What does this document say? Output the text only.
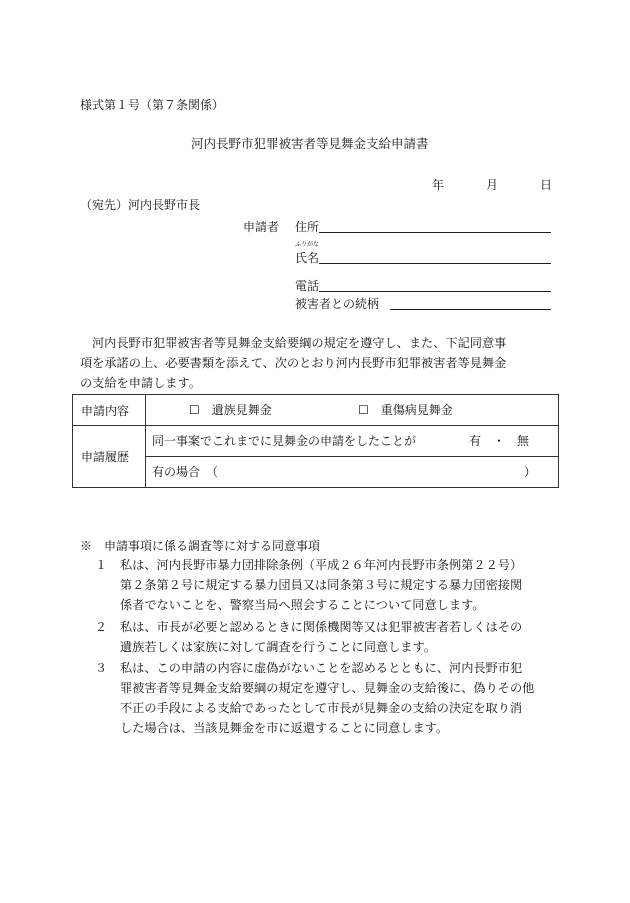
様式第１号（第７条関係）
河内長野市犯罪被害者等見舞金支給申請書
年	月	日
（宛先）河内長野市長
申請者 住所
ふりがな
氏名
電話
被害者との続柄

河内長野市犯罪被害者等見舞金支給要綱の規定を遵守し、また、下記同意事

項を承諾の上、必要書類を添えて、次のとおり河内長野市犯罪被害者等見舞金

の支給を申請します。

申請内容	☐　遺族見舞金 ☐　重傷病見舞金

申請履歴	同一事案でこれまでに見舞金の申請をしたことが 有　・　無

	有の場合　（ ）
※　申請事項に係る調査等に対する同意事項
１ 私は、河内長野市暴力団排除条例（平成２６年河内長野市条例第２２号）

第２条第２号に規定する暴力団員又は同条第３号に規定する暴力団密接関

係者でないことを、警察当局へ照会することについて同意します。

２ 私は、市長が必要と認めるときに関係機関等又は犯罪被害者若しくはその

遺族若しくは家族に対して調査を行うことに同意します。

３ 私は、この申請の内容に虚偽がないことを認めるとともに、河内長野市犯

罪被害者等見舞金支給要綱の規定を遵守し、見舞金の支給後に、偽りその他

不正の手段による支給であったとして市長が見舞金の支給の決定を取り消

した場合は、当該見舞金を市に返還することに同意します。
